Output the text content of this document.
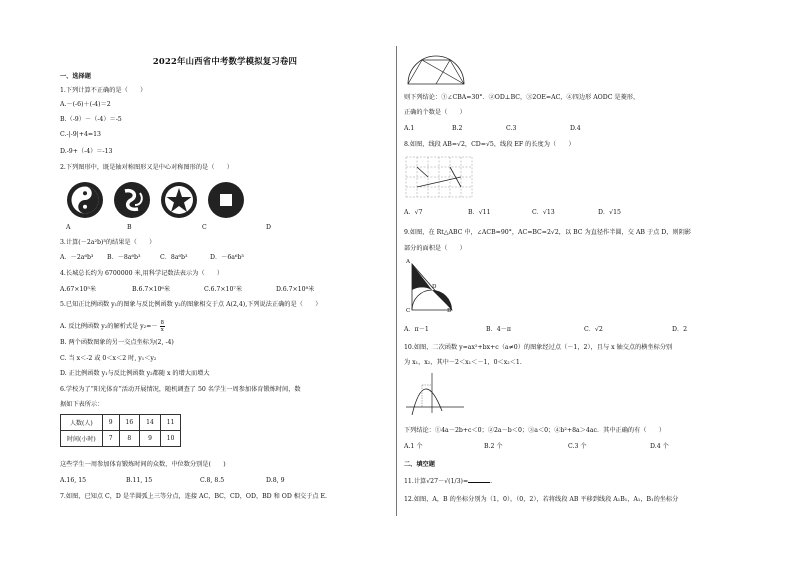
2022年山西省中考数学模拟复习卷四
一、选择题
1.下列计算不正确的是（　　）
A.－(-6)＋(-4)＝2
B.（-9）－（-4）＝-5
C.-|-9|+4=13
D.-9+（-4）＝-13
2.下列图形中，既是轴对称图形又是中心对称图形的是（　　）
A	B	C	D
3.计算(－2a²b)³的结果是（　　）
A．－2a⁶b³ B．－8a⁶b³	C．8a⁶b³	D．－6a⁶b³
4.长城总长约为 6700000 米,用科学记数法表示为（　　）
A.67×10⁵米	B.6.7×10⁶米	C.6.7×10⁷米	D.6.7×10⁸米
5.已知正比例函数 y₁的图象与反比例函数 y₂的图象相交于点 A(2,4),下列说法正确的是（　　）
A. 反比例函数 y₂的解析式是 $y_2=- \frac{8}{x}$
B. 两个函数图象的另一交点坐标为(2, -4)
C. 当 x＜-2 或 0＜x＜2 时, y₁＜y₂
D. 正比例函数 y₁与反比例函数 y₂都随 x 的增大而增大
6.学校为了“阳光体育”活动开展情况，随机调查了 50 名学生一周参加体育锻炼时间，数
据如下表所示：
人数(人)	9	16	14	11
时间(小时)	7	8	9	10
这些学生一周参加体育锻炼时间的众数、中位数分别是(　　)
A.16, 15	B.11, 15	C.8, 8.5	D.8, 9
7.如图，已知点 C，D 是半圆弧上三等分点，连接 AC，BC，CD，OD，BD 和 OD 相交于点 E.
则下列结论：①∠CBA=30°．②OD⊥BC，③2OE=AC，④四边形 AODC 是菱形，
正确的个数是（　　）
A.1	B.2	C.3	D.4
8.如图，线段 AB=√2，CD=√5，线段 EF 的长度为（　　）
A．√7	B．√11	C．√13	D．√15
9.如图，在 Rt△ABC 中，∠ACB=90°，AC=BC=2√2，以 BC 为直径作半圆，交 AB 于点 D，则阴影
部分的面积是（　　）
A
D
C	B
A．π－1	B．4－π	C．√2	D．2
10.如图，二次函数 y=ax²+bx+c（a≠0）的图象经过点（－1，2），且与 x 轴交点的横坐标分别
为 x₁，x₂，其中－2＜x₁＜－1，0＜x₂＜1.
下列结论：①4a－2b+c＜0；②2a－b＜0；③a＜0；④b²+8a＞4ac．其中正确的有（　　）
A.1 个	B.2 个	C.3 个	D.4 个
二、填空题
11.计算√27－√(1/3)=	.
12.如图，A，B 的坐标分别为（1，0），（0，2），若将线段 AB 平移到线段 A₁B₁，A₁，B₁的坐标分
